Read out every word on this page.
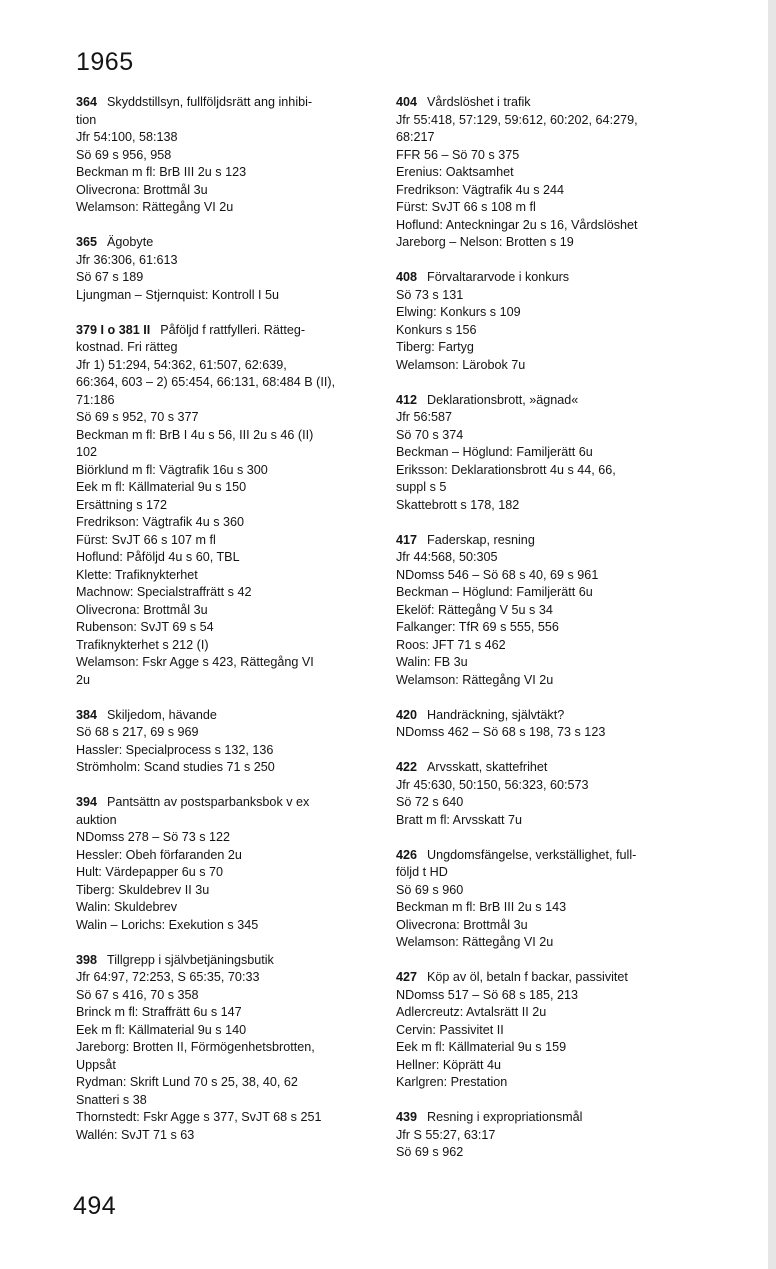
1965
364 Skyddstillsyn, fullföljdsrätt ang inhibi-
tion
Jfr 54:100, 58:138
Sö 69 s 956, 958
Beckman m fl: BrB III 2u s 123
Olivecrona: Brottmål 3u
Welamson: Rättegång VI 2u
365 Ägobyte
Jfr 36:306, 61:613
Sö 67 s 189
Ljungman – Stjernquist: Kontroll I 5u
379 I o 381 II Påföljd f rattfylleri. Rätteg-
kostnad. Fri rätteg
Jfr 1) 51:294, 54:362, 61:507, 62:639,
66:364, 603 – 2) 65:454, 66:131, 68:484 B (II),
71:186
Sö 69 s 952, 70 s 377
Beckman m fl: BrB I 4u s 56, III 2u s 46 (II)
102
Biörklund m fl: Vägtrafik 16u s 300
Eek m fl: Källmaterial 9u s 150
Ersättning s 172
Fredrikson: Vägtrafik 4u s 360
Fürst: SvJT 66 s 107 m fl
Hoflund: Påföljd 4u s 60, TBL
Klette: Trafiknykterhet
Machnow: Specialstraffrätt s 42
Olivecrona: Brottmål 3u
Rubenson: SvJT 69 s 54
Trafiknykterhet s 212 (I)
Welamson: Fskr Agge s 423, Rättegång VI
2u
384 Skiljedom, hävande
Sö 68 s 217, 69 s 969
Hassler: Specialprocess s 132, 136
Strömholm: Scand studies 71 s 250
394 Pantsättn av postsparbanksbok v ex
auktion
NDomss 278 – Sö 73 s 122
Hessler: Obeh förfaranden 2u
Hult: Värdepapper 6u s 70
Tiberg: Skuldebrev II 3u
Walin: Skuldebrev
Walin – Lorichs: Exekution s 345
398 Tillgrepp i självbetjäningsbutik
Jfr 64:97, 72:253, S 65:35, 70:33
Sö 67 s 416, 70 s 358
Brinck m fl: Straffrätt 6u s 147
Eek m fl: Källmaterial 9u s 140
Jareborg: Brotten II, Förmögenhetsbrotten,
Uppsåt
Rydman: Skrift Lund 70 s 25, 38, 40, 62
Snatteri s 38
Thornstedt: Fskr Agge s 377, SvJT 68 s 251
Wallén: SvJT 71 s 63
404 Vårdslöshet i trafik
Jfr 55:418, 57:129, 59:612, 60:202, 64:279,
68:217
FFR 56 – Sö 70 s 375
Erenius: Oaktsamhet
Fredrikson: Vägtrafik 4u s 244
Fürst: SvJT 66 s 108 m fl
Hoflund: Anteckningar 2u s 16, Vårdslöshet
Jareborg – Nelson: Brotten s 19
408 Förvaltararvode i konkurs
Sö 73 s 131
Elwing: Konkurs s 109
Konkurs s 156
Tiberg: Fartyg
Welamson: Lärobok 7u
412 Deklarationsbrott, »ägnad«
Jfr 56:587
Sö 70 s 374
Beckman – Höglund: Familjerätt 6u
Eriksson: Deklarationsbrott 4u s 44, 66,
suppl s 5
Skattebrott s 178, 182
417 Faderskap, resning
Jfr 44:568, 50:305
NDomss 546 – Sö 68 s 40, 69 s 961
Beckman – Höglund: Familjerätt 6u
Ekelöf: Rättegång V 5u s 34
Falkanger: TfR 69 s 555, 556
Roos: JFT 71 s 462
Walin: FB 3u
Welamson: Rättegång VI 2u
420 Handräckning, självtäkt?
NDomss 462 – Sö 68 s 198, 73 s 123
422 Arvsskatt, skattefrihet
Jfr 45:630, 50:150, 56:323, 60:573
Sö 72 s 640
Bratt m fl: Arvsskatt 7u
426 Ungdomsfängelse, verkställighet, full-
följd t HD
Sö 69 s 960
Beckman m fl: BrB III 2u s 143
Olivecrona: Brottmål 3u
Welamson: Rättegång VI 2u
427 Köp av öl, betaln f backar, passivitet
NDomss 517 – Sö 68 s 185, 213
Adlercreutz: Avtalsrätt II 2u
Cervin: Passivitet II
Eek m fl: Källmaterial 9u s 159
Hellner: Köprätt 4u
Karlgren: Prestation
439 Resning i expropriationsmål
Jfr S 55:27, 63:17
Sö 69 s 962
494
